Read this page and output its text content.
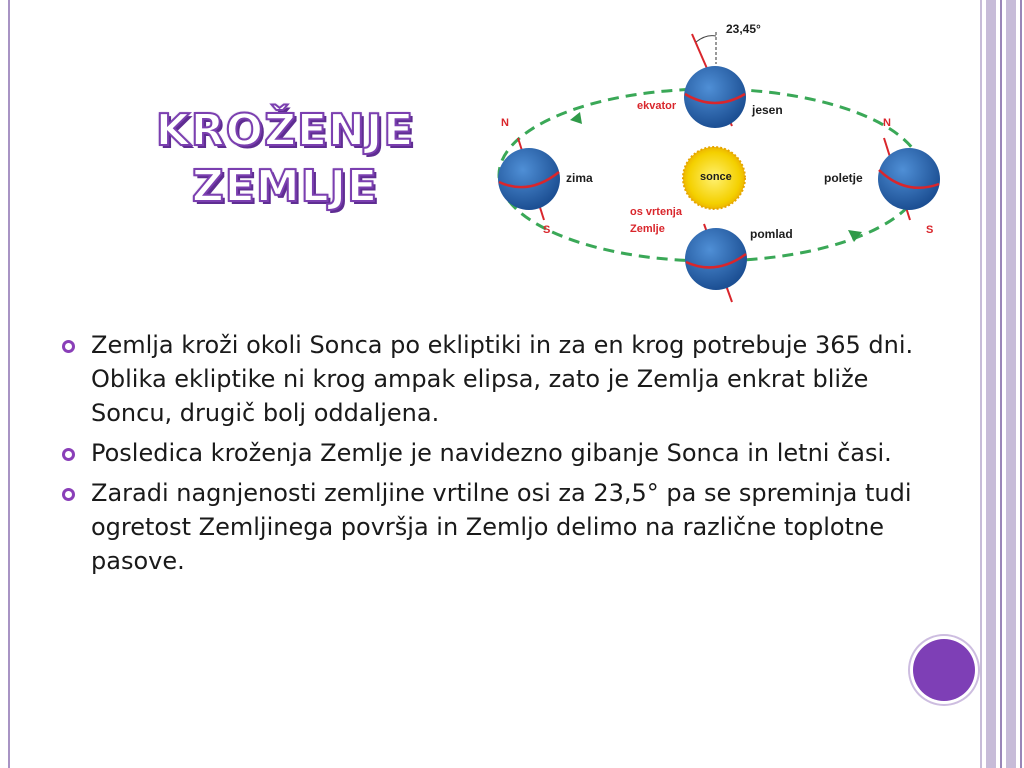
KROŽENJE
ZEMLJE	sonce
23,45°
ekvator	jesen
N
S
zima
N
S
poletje
os vrtenja
Zemlje	pomlad
Zemlja kroži okoli Sonca po ekliptiki in za en krog potrebuje 365 dni. Oblika ekliptike ni krog ampak elipsa, zato je Zemlja enkrat bliže Soncu, drugič bolj oddaljena.
Posledica kroženja Zemlje je navidezno gibanje Sonca in letni časi.
Zaradi nagnjenosti zemljine vrtilne osi za 23,5° pa se spreminja tudi ogretost Zemljinega površja in Zemljo delimo na različne toplotne pasove.
